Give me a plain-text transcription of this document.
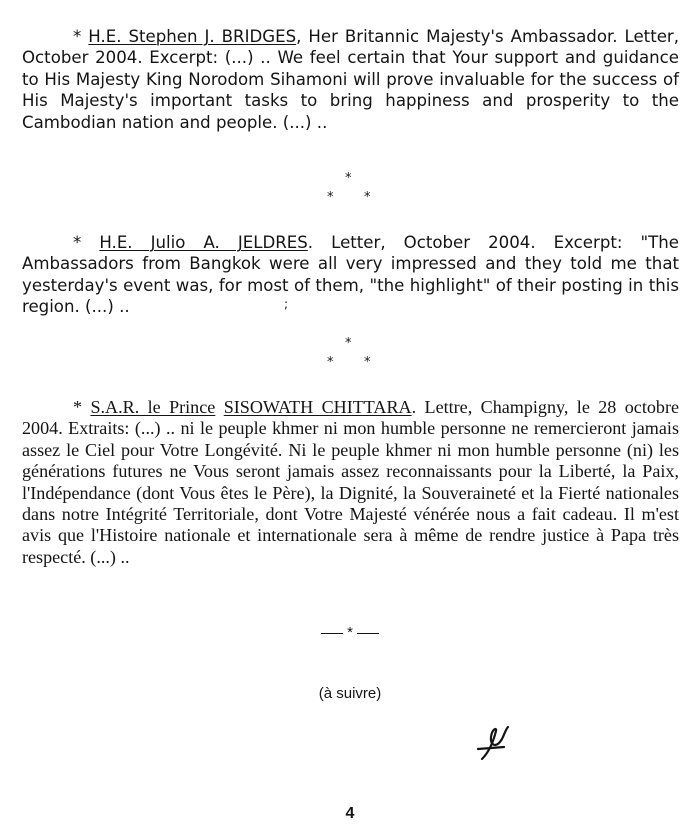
* H.E. Stephen J. BRIDGES, Her Britannic Majesty's Ambassador. Letter, October 2004. Excerpt: (...) .. We feel certain that Your support and guidance to His Majesty King Norodom Sihamoni will prove invaluable for the success of His Majesty's important tasks to bring happiness and prosperity to the Cambodian nation and people. (...) ..

*
* *

* H.E. Julio A. JELDRES. Letter, October 2004. Excerpt: "The Ambassadors from Bangkok were all very impressed and they told me that yesterday's event was, for most of them, "the highlight" of their posting in this region. (...) ..	;
*
* *

* S.A.R. le Prince SISOWATH CHITTARA. Lettre, Champigny, le 28 octobre 2004. Extraits: (...) .. ni le peuple khmer ni mon humble personne ne remercieront jamais assez le Ciel pour Votre Longévité. Ni le peuple khmer ni mon humble personne (ni) les générations futures ne Vous seront jamais assez reconnaissants pour la Liberté, la Paix, l'Indépendance (dont Vous êtes le Père), la Dignité, la Souveraineté et la Fierté nationales dans notre Intégrité Territoriale, dont Votre Majesté vénérée nous a fait cadeau. Il m'est avis que l'Histoire nationale et internationale sera à même de rendre justice à Papa très respecté. (...) ..

*
(à suivre)
4
